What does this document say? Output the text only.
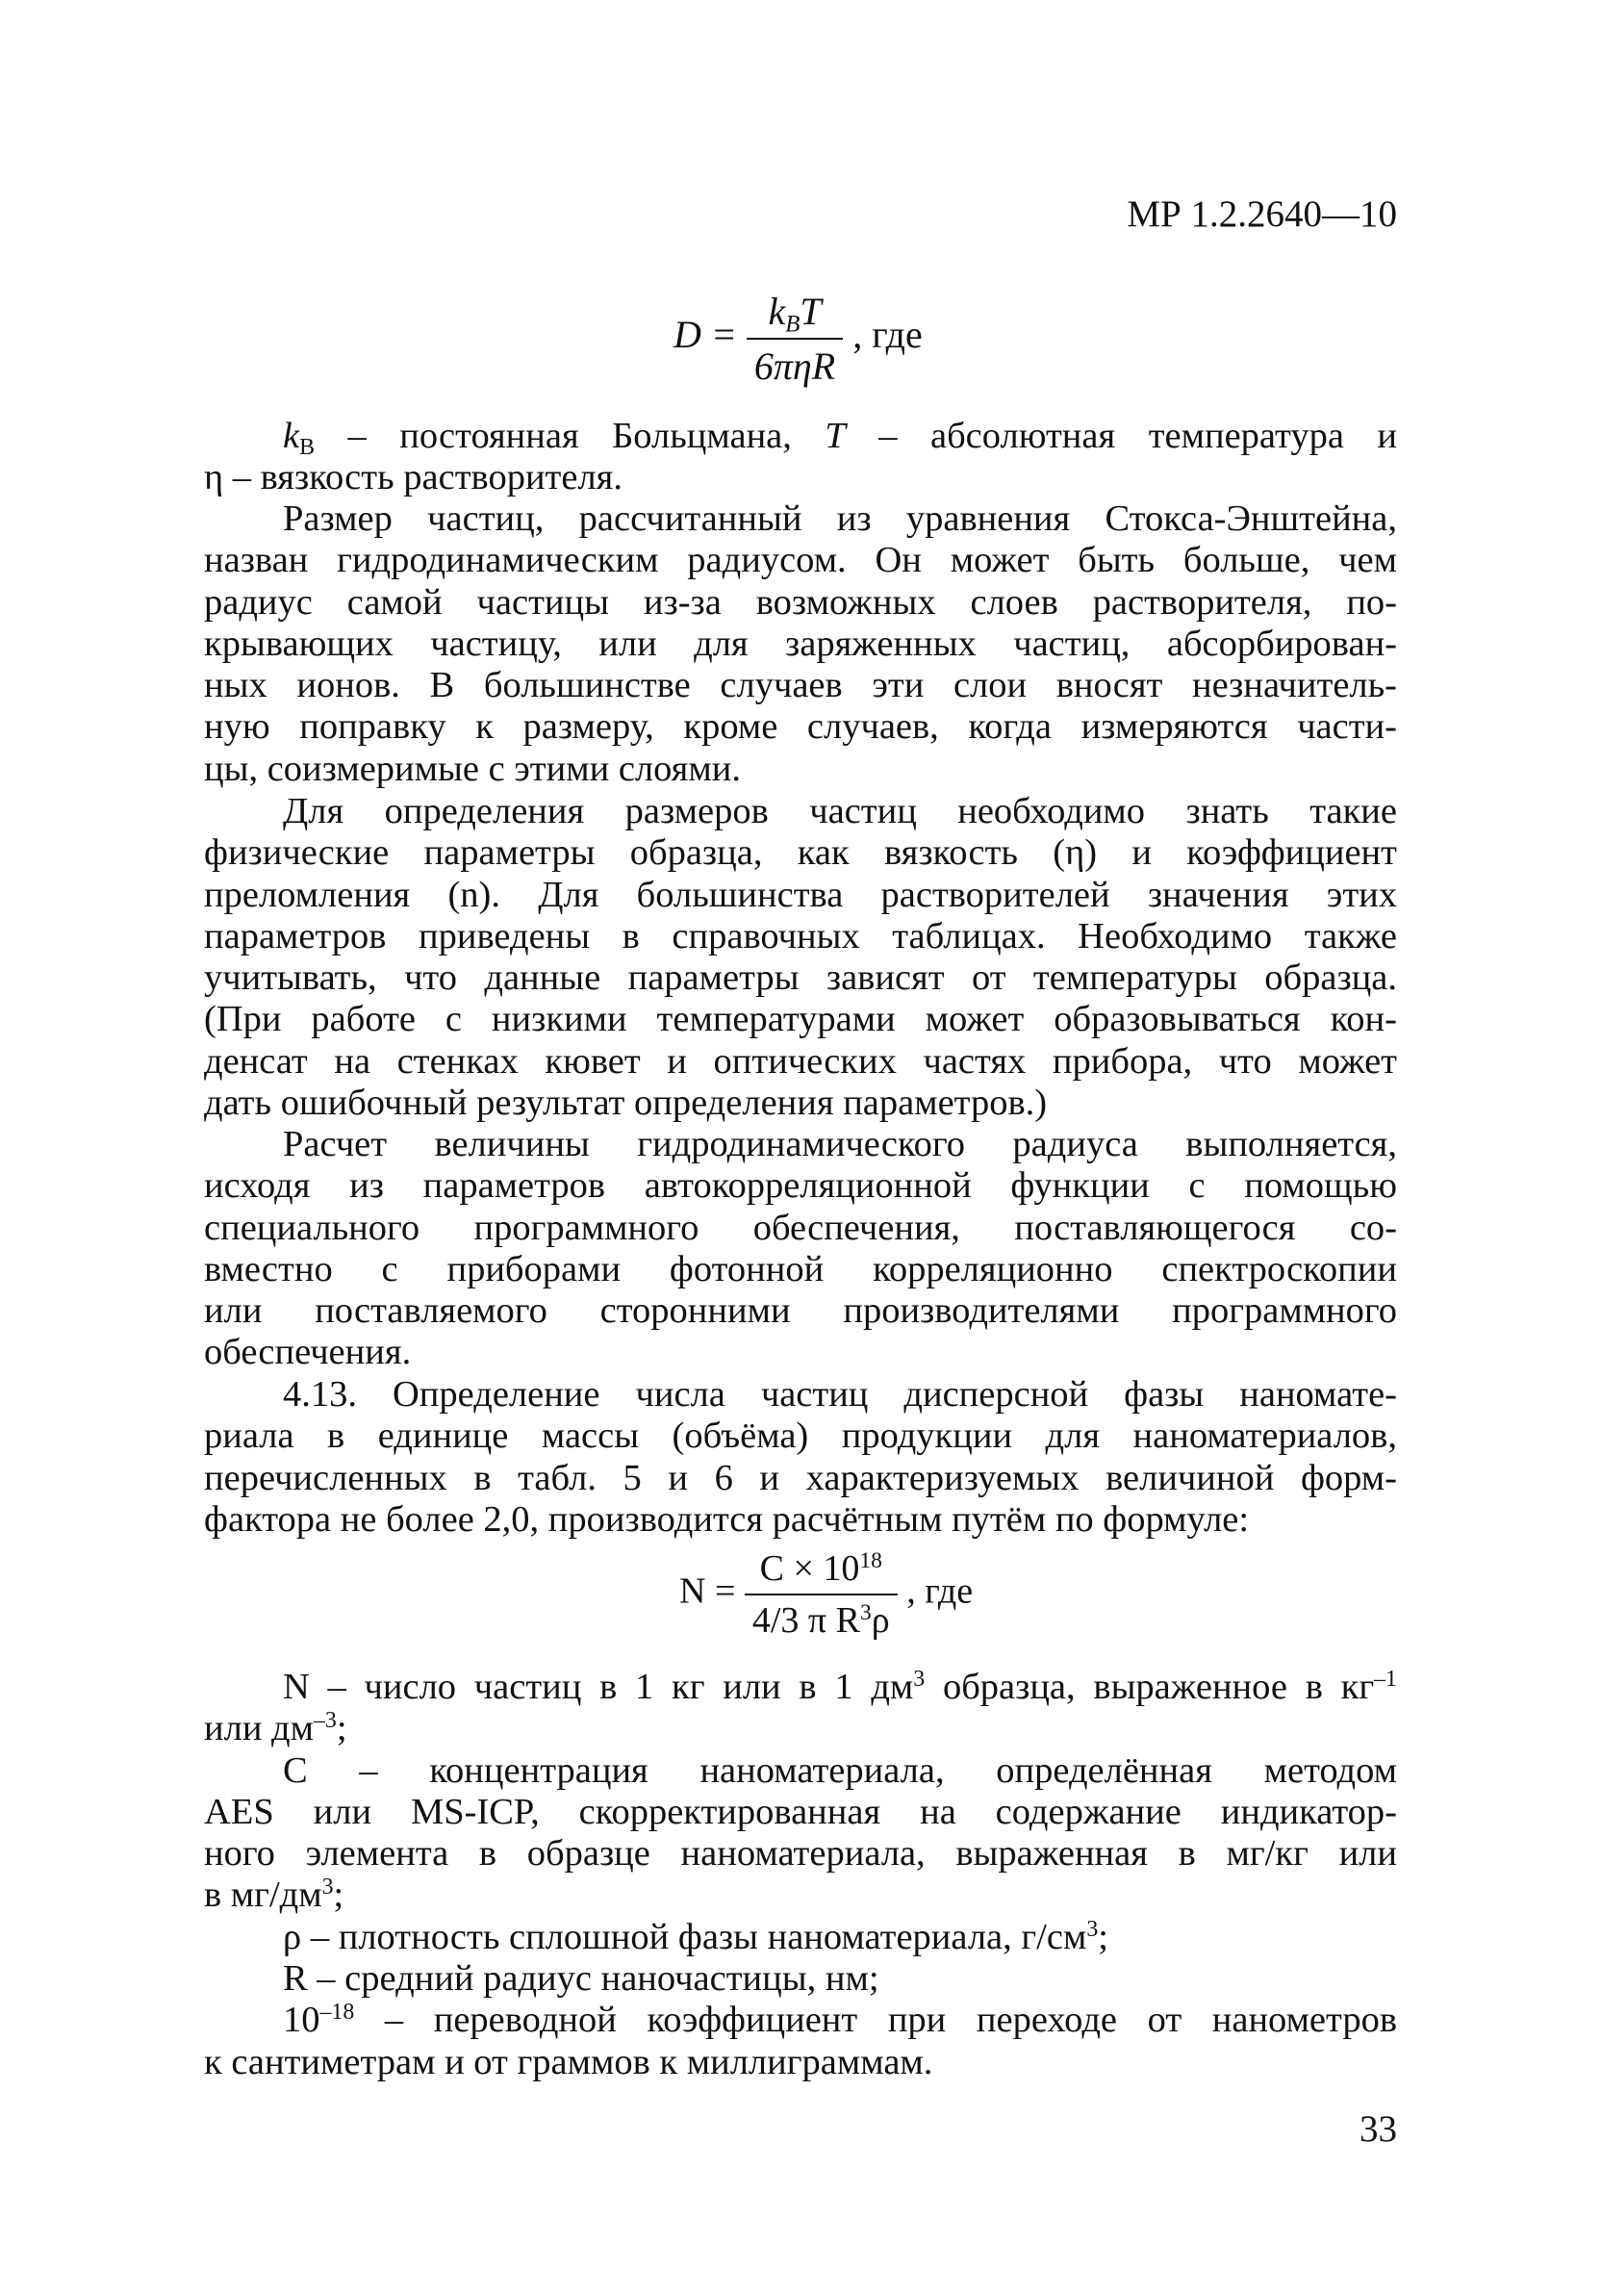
МР 1.2.2640—10
$D = \frac{k_BT}{\text{6πηR}}$ , где
$k_B$ – постоянная Больцмана, T – абсолютная температура и
η – вязкость растворителя.
Размер частиц, рассчитанный из уравнения Стокса-Энштейна,
назван гидродинамическим радиусом. Он может быть больше, чем
радиус самой частицы из-за возможных слоев растворителя, по-
крывающих частицу, или для заряженных частиц, абсорбирован-
ных ионов. В большинстве случаев эти слои вносят незначитель-
ную поправку к размеру, кроме случаев, когда измеряются части-
цы, соизмеримые с этими слоями.
Для определения размеров частиц необходимо знать такие
физические параметры образца, как вязкость (η) и коэффициент
преломления (n). Для большинства растворителей значения этих
параметров приведены в справочных таблицах. Необходимо также
учитывать, что данные параметры зависят от температуры образца.
(При работе с низкими температурами может образовываться кон-
денсат на стенках кювет и оптических частях прибора, что может
дать ошибочный результат определения параметров.)
Расчет величины гидродинамического радиуса выполняется,
исходя из параметров автокорреляционной функции с помощью
специального программного обеспечения, поставляющегося со-
вместно с приборами фотонной корреляционно спектроскопии
или поставляемого сторонними производителями программного
обеспечения.
4.13. Определение числа частиц дисперсной фазы наномате-
риала в единице массы (объёма) продукции для наноматериалов,
перечисленных в табл. 5 и 6 и характеризуемых величиной форм-
фактора не более 2,0, производится расчётным путём по формуле:
$N = \frac{C \times 10^{18}}{4/3 \pi R^3\rho}$ , где
N – число частиц в 1 кг или в 1 $дм^3$ образца, выраженное в $кг^{-1}$
или $дм^{-3}$;
C – концентрация наноматериала, определённая методом
AES или MS-ICP, скорректированная на содержание индикатор-
ного элемента в образце наноматериала, выраженная в мг/кг или
в $мг/дм^3$;
ρ – плотность сплошной фазы наноматериала, $г/см^3$;
R – средний радиус наночастицы, нм;
$10^{-18}$ – переводной коэффициент при переходе от нанометров
к сантиметрам и от граммов к миллиграммам.
33
